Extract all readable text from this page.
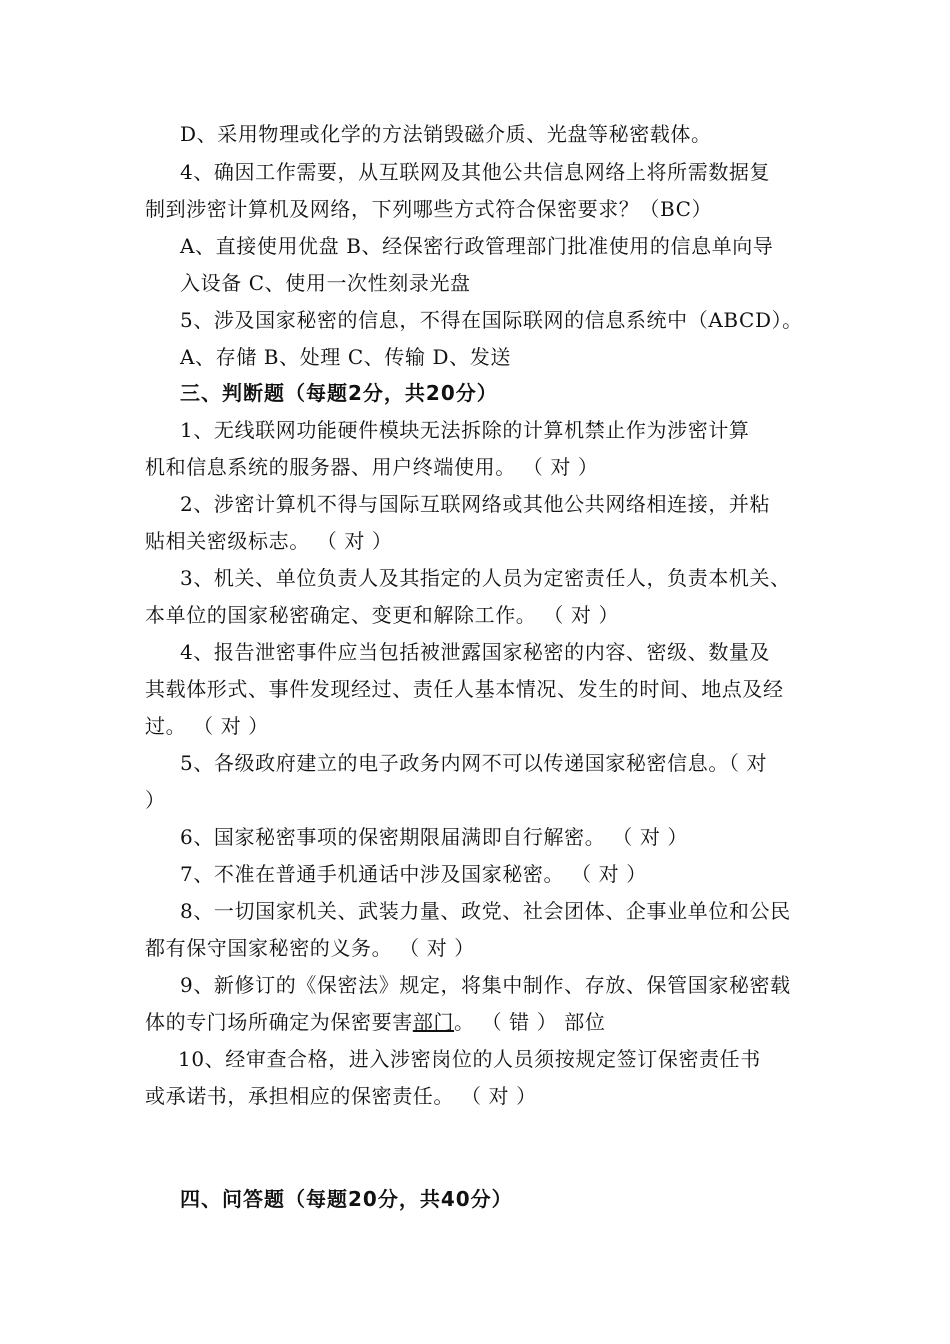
D、采用物理或化学的方法销毁磁介质、光盘等秘密载体。
4、确因工作需要，从互联网及其他公共信息网络上将所需数据复
制到涉密计算机及网络，下列哪些方式符合保密要求？（BC）
A、直接使用优盘 B、经保密行政管理部门批准使用的信息单向导
入设备 C、使用一次性刻录光盘
5、涉及国家秘密的信息，不得在国际联网的信息系统中（ABCD）。
A、存储 B、处理 C、传输 D、发送
三、判断题（每题2分，共20分）
1、无线联网功能硬件模块无法拆除的计算机禁止作为涉密计算
机和信息系统的服务器、用户终端使用。 （ 对 ）
2、涉密计算机不得与国际互联网络或其他公共网络相连接，并粘
贴相关密级标志。 （ 对 ）
3、机关、单位负责人及其指定的人员为定密责任人，负责本机关、
本单位的国家秘密确定、变更和解除工作。 （ 对 ）
4、报告泄密事件应当包括被泄露国家秘密的内容、密级、数量及
其载体形式、事件发现经过、责任人基本情况、发生的时间、地点及经
过。 （ 对 ）
5、各级政府建立的电子政务内网不可以传递国家秘密信息。（ 对
）
6、国家秘密事项的保密期限届满即自行解密。 （ 对 ）
7、不准在普通手机通话中涉及国家秘密。 （ 对 ）
8、一切国家机关、武装力量、政党、社会团体、企事业单位和公民
都有保守国家秘密的义务。 （ 对 ）
9、新修订的《保密法》规定，将集中制作、存放、保管国家秘密载
体的专门场所确定为保密要害部门。 （ 错 ） 部位
10、经审查合格，进入涉密岗位的人员须按规定签订保密责任书
或承诺书，承担相应的保密责任。 （ 对 ）
四、问答题（每题20分，共40分）
